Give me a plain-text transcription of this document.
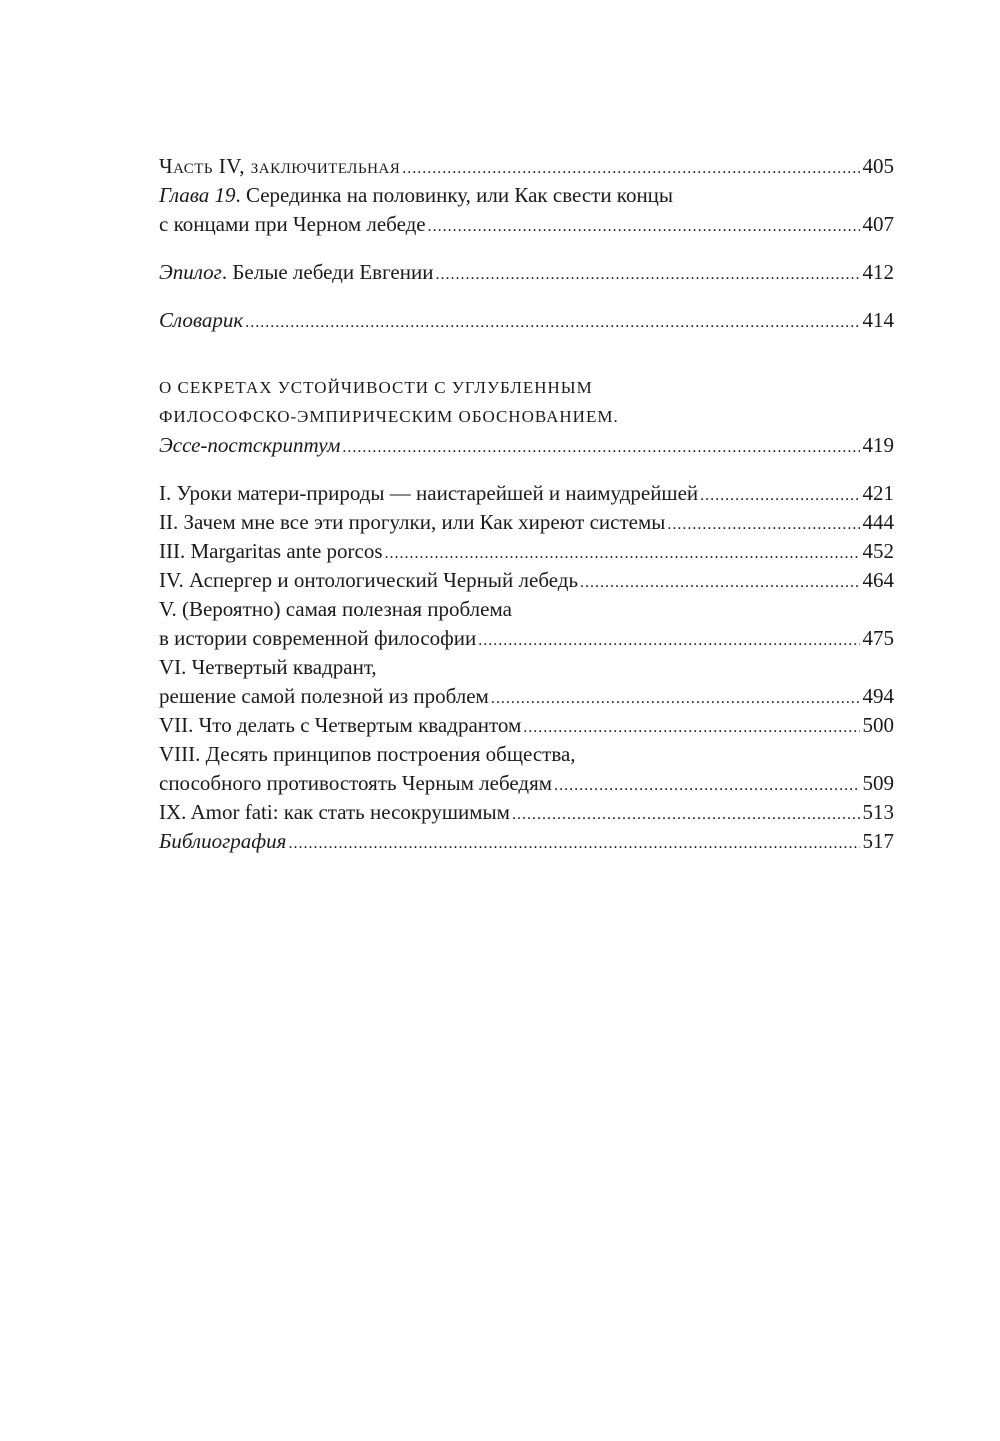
Часть IV, заключительная .....	405
Глава 19. Серединка на половинку, или Как свести концы
с концами при Черном лебеде .....	407
Эпилог. Белые лебеди Евгении .....	412
Словарик .....	414
О СЕКРЕТАХ УСТОЙЧИВОСТИ С УГЛУБЛЕННЫМ
ФИЛОСОФСКО-ЭМПИРИЧЕСКИМ ОБОСНОВАНИЕМ.
Эссе-постскриптум .....	419
I. Уроки матери-природы — наистарейшей и наимудрейшей .....	421
II. Зачем мне все эти прогулки, или Как хиреют системы .....	444
III. Margaritas ante porcos .....	452
IV. Аспергер и онтологический Черный лебедь .....	464
V. (Вероятно) самая полезная проблема
в истории современной философии .....	475
VI. Четвертый квадрант,
решение самой полезной из проблем .....	494
VII. Что делать с Четвертым квадрантом .....	500
VIII. Десять принципов построения общества,
способного противостоять Черным лебедям .....	509
IX. Amor fati: как стать несокрушимым .....	513
Библиография .....	517
